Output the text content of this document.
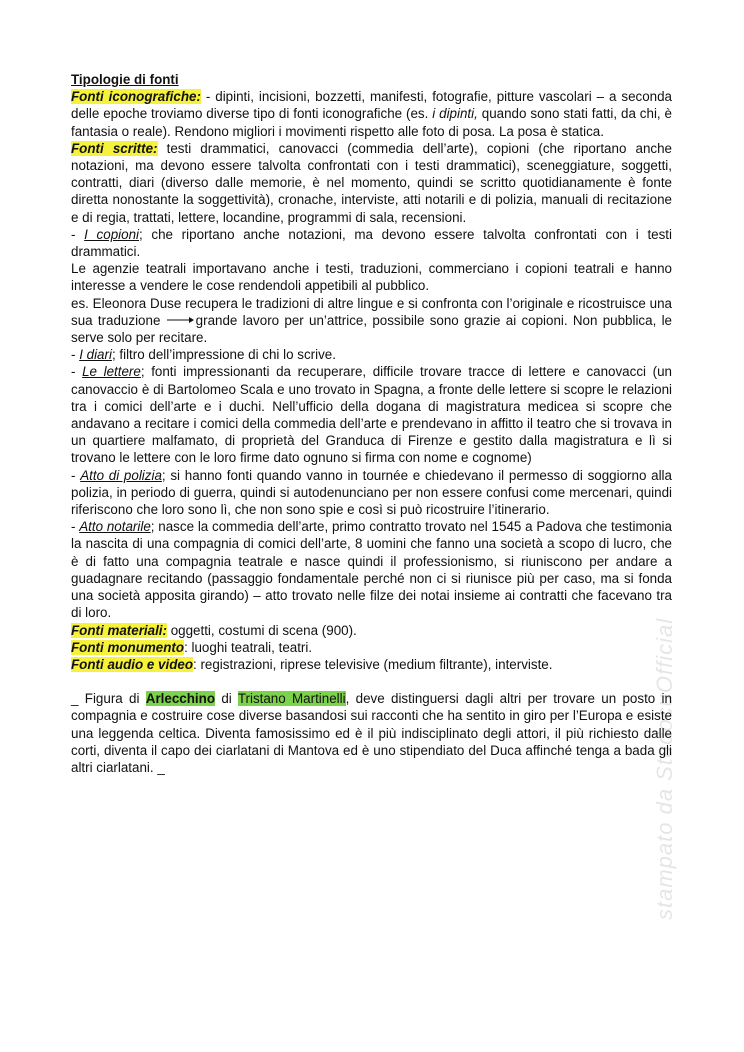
stampato da StudocuOfficial

Tipologie di fonti

Fonti iconografiche: - dipinti, incisioni, bozzetti, manifesti, fotografie, pitture vascolari – a seconda delle epoche troviamo diverse tipo di fonti iconografiche (es. i dipinti, quando sono stati fatti, da chi, è fantasia o reale). Rendono migliori i movimenti rispetto alle foto di posa. La posa è statica.

Fonti scritte: testi drammatici, canovacci (commedia dell’arte), copioni (che riportano anche notazioni, ma devono essere talvolta confrontati con i testi drammatici), sceneggiature, soggetti, contratti, diari (diverso dalle memorie, è nel momento, quindi se scritto quotidianamente è fonte diretta nonostante la soggettività), cronache, interviste, atti notarili e di polizia, manuali di recitazione e di regia, trattati, lettere, locandine, programmi di sala, recensioni.

- I copioni; che riportano anche notazioni, ma devono essere talvolta confrontati con i testi drammatici.

Le agenzie teatrali importavano anche i testi, traduzioni, commerciano i copioni teatrali e hanno interesse a vendere le cose rendendoli appetibili al pubblico.

es. Eleonora Duse recupera le tradizioni di altre lingue e si confronta con l’originale e ricostruisce una sua traduzione grande lavoro per un’attrice, possibile sono grazie ai copioni. Non pubblica, le serve solo per recitare.

- I diari; filtro dell’impressione di chi lo scrive.

- Le lettere; fonti impressionanti da recuperare, difficile trovare tracce di lettere e canovacci (un canovaccio è di Bartolomeo Scala e uno trovato in Spagna, a fronte delle lettere si scopre le relazioni tra i comici dell’arte e i duchi. Nell’ufficio della dogana di magistratura medicea si scopre che andavano a recitare i comici della commedia dell’arte e prendevano in affitto il teatro che si trovava in un quartiere malfamato, di proprietà del Granduca di Firenze e gestito dalla magistratura e lì si trovano le lettere con le loro firme dato ognuno si firma con nome e cognome)

- Atto di polizia; si hanno fonti quando vanno in tournée e chiedevano il permesso di soggiorno alla polizia, in periodo di guerra, quindi si autodenunciano per non essere confusi come mercenari, quindi riferiscono che loro sono lì, che non sono spie e così si può ricostruire l’itinerario.

- Atto notarile; nasce la commedia dell’arte, primo contratto trovato nel 1545 a Padova che testimonia la nascita di una compagnia di comici dell’arte, 8 uomini che fanno una società a scopo di lucro, che è di fatto una compagnia teatrale e nasce quindi il professionismo, si riuniscono per andare a guadagnare recitando (passaggio fondamentale perché non ci si riunisce più per caso, ma si fonda una società apposita girando) – atto trovato nelle filze dei notai insieme ai contratti che facevano tra di loro.

Fonti materiali: oggetti, costumi di scena (900).

Fonti monumento: luoghi teatrali, teatri.

Fonti audio e video: registrazioni, riprese televisive (medium filtrante), interviste.

_ Figura di Arlecchino di Tristano Martinelli, deve distinguersi dagli altri per trovare un posto in compagnia e costruire cose diverse basandosi sui racconti che ha sentito in giro per l’Europa e esiste una leggenda celtica. Diventa famosissimo ed è il più indisciplinato degli attori, il più richiesto dalle corti, diventa il capo dei ciarlatani di Mantova ed è uno stipendiato del Duca affinché tenga a bada gli altri ciarlatani. _
